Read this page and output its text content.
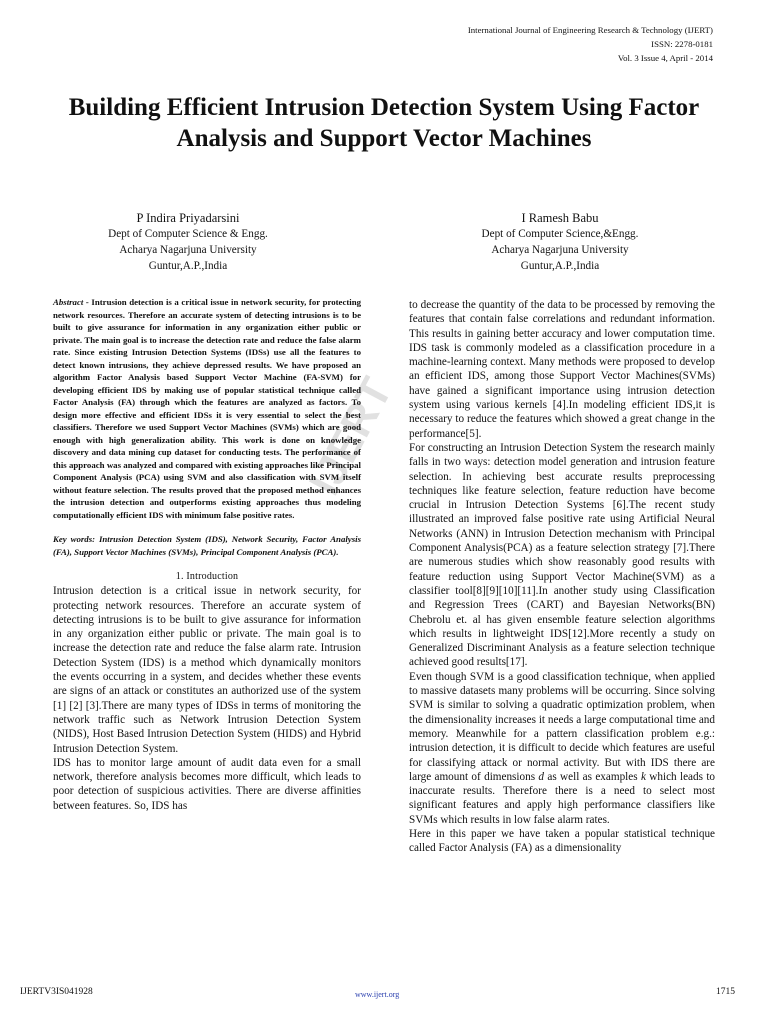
International Journal of Engineering Research & Technology (IJERT)
ISSN: 2278-0181
Vol. 3 Issue 4, April - 2014
Building Efficient Intrusion Detection System Using Factor Analysis and Support Vector Machines
P Indira Priyadarsini
Dept of Computer Science & Engg.
Acharya Nagarjuna University
Guntur,A.P.,India
I Ramesh Babu
Dept of Computer Science,&Engg.
Acharya Nagarjuna University
Guntur,A.P.,India
IJERT

Abstract - Intrusion detection is a critical issue in network security, for protecting network resources. Therefore an accurate system of detecting intrusions is to be built to give assurance for information in any organization either public or private. The main goal is to increase the detection rate and reduce the false alarm rate. Since existing Intrusion Detection Systems (IDSs) use all the features to detect known intrusions, they achieve depressed results. We have proposed an algorithm Factor Analysis based Support Vector Machine (FA-SVM) for developing efficient IDS by making use of popular statistical technique called Factor Analysis (FA) through which the features are analyzed as factors. To design more effective and efficient IDSs it is very essential to select the best classifiers. Therefore we used Support Vector Machines (SVMs) which are good enough with high generalization ability. This work is done on knowledge discovery and data mining cup dataset for conducting tests. The performance of this approach was analyzed and compared with existing approaches like Principal Component Analysis (PCA) using SVM and also classification with SVM itself without feature selection. The results proved that the proposed method enhances the intrusion detection and outperforms existing approaches thus modeling computationally efficient IDS with minimum false positive rates.

Key words: Intrusion Detection System (IDS), Network Security, Factor Analysis (FA), Support Vector Machines (SVMs), Principal Component Analysis (PCA).

1. Introduction

Intrusion detection is a critical issue in network security, for protecting network resources. Therefore an accurate system of detecting intrusions is to be built to give assurance for information in any organization either public or private. The main goal is to increase the detection rate and reduce the false alarm rate. Intrusion Detection System (IDS) is a method which dynamically monitors the events occurring in a system, and decides whether these events are signs of an attack or constitutes an authorized use of the system [1] [2] [3].There are many types of IDSs in terms of monitoring the network traffic such as Network Intrusion Detection System (NIDS), Host Based Intrusion Detection System (HIDS) and Hybrid Intrusion Detection System.

IDS has to monitor large amount of audit data even for a small network, therefore analysis becomes more difficult, which leads to poor detection of suspicious activities. There are diverse affinities between features. So, IDS has

to decrease the quantity of the data to be processed by removing the features that contain false correlations and redundant information. This results in gaining better accuracy and lower computation time. IDS task is commonly modeled as a classification procedure in a machine-learning context. Many methods were proposed to develop an efficient IDS, among those Support Vector Machines(SVMs) have gained a significant importance using intrusion detection system using various kernels [4].In modeling efficient IDS,it is necessary to reduce the features which showed a great change in the performance[5].

For constructing an Intrusion Detection System the research mainly falls in two ways: detection model generation and intrusion feature selection. In achieving best accurate results preprocessing techniques like feature selection, feature reduction have become crucial in Intrusion Detection Systems [6].The recent study illustrated an improved false positive rate using Artificial Neural Networks (ANN) in Intrusion Detection mechanism with Principal Component Analysis(PCA) as a feature selection strategy [7].There are numerous studies which show reasonably good results with feature reduction using Support Vector Machine(SVM) as a classifier tool[8][9][10][11].In another study using Classification and Regression Trees (CART) and Bayesian Networks(BN) Chebrolu et. al has given ensemble feature selection algorithms which results in lightweight IDS[12].More recently a study on Generalized Discriminant Analysis as a feature selection technique achieved good results[17].

Even though SVM is a good classification technique, when applied to massive datasets many problems will be occurring. Since solving SVM is similar to solving a quadratic optimization problem, when the dimensionality increases it needs a large computational time and memory. Meanwhile for a pattern classification problem e.g.: intrusion detection, it is difficult to decide which features are useful for classifying attack or normal activity. But with IDS there are large amount of dimensions d as well as examples k which leads to inaccurate results. Therefore there is a need to select most significant features and apply high performance classifiers like SVMs which results in low false alarm rates.

Here in this paper we have taken a popular statistical technique called Factor Analysis (FA) as a dimensionality

IJERTV3IS041928	www.ijert.org	1715
